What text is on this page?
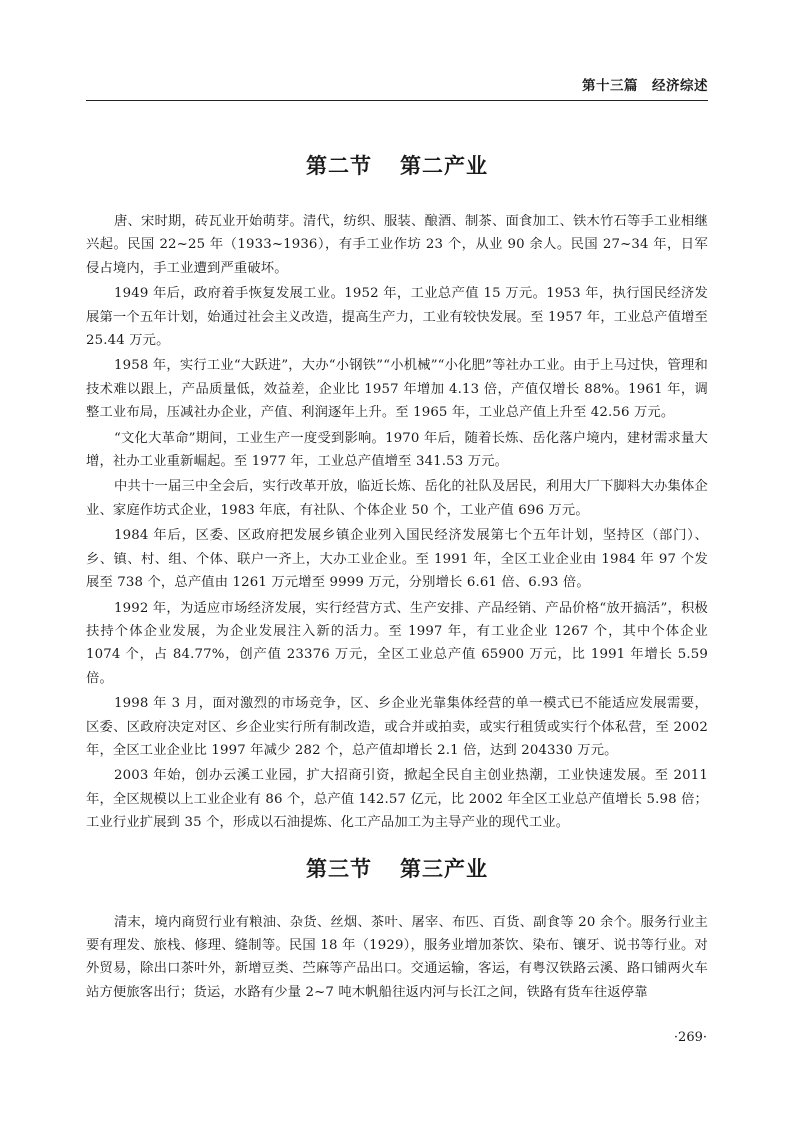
第十三篇　经济综述
第二节 第二产业

唐、宋时期，砖瓦业开始萌芽。清代，纺织、服装、酿酒、制茶、面食加工、铁木竹石等手工业相继兴起。民国 22~25 年（1933~1936），有手工业作坊 23 个，从业 90 余人。民国 27~34 年，日军侵占境内，手工业遭到严重破坏。

1949 年后，政府着手恢复发展工业。1952 年，工业总产值 15 万元。1953 年，执行国民经济发展第一个五年计划，始通过社会主义改造，提高生产力，工业有较快发展。至 1957 年，工业总产值增至 25.44 万元。

1958 年，实行工业“大跃进”，大办“小钢铁”“小机械”“小化肥”等社办工业。由于上马过快，管理和技术难以跟上，产品质量低，效益差，企业比 1957 年增加 4.13 倍，产值仅增长 88%。1961 年，调整工业布局，压减社办企业，产值、利润逐年上升。至 1965 年，工业总产值上升至 42.56 万元。

“文化大革命”期间，工业生产一度受到影响。1970 年后，随着长炼、岳化落户境内，建材需求量大增，社办工业重新崛起。至 1977 年，工业总产值增至 341.53 万元。

中共十一届三中全会后，实行改革开放，临近长炼、岳化的社队及居民，利用大厂下脚料大办集体企业、家庭作坊式企业，1983 年底，有社队、个体企业 50 个，工业产值 696 万元。

1984 年后，区委、区政府把发展乡镇企业列入国民经济发展第七个五年计划，坚持区（部门）、乡、镇、村、组、个体、联户一齐上，大办工业企业。至 1991 年，全区工业企业由 1984 年 97 个发展至 738 个，总产值由 1261 万元增至 9999 万元，分别增长 6.61 倍、6.93 倍。

1992 年，为适应市场经济发展，实行经营方式、生产安排、产品经销、产品价格“放开搞活”，积极扶持个体企业发展，为企业发展注入新的活力。至 1997 年，有工业企业 1267 个，其中个体企业 1074 个，占 84.77%，创产值 23376 万元，全区工业总产值 65900 万元，比 1991 年增长 5.59 倍。

1998 年 3 月，面对激烈的市场竞争，区、乡企业光靠集体经营的单一模式已不能适应发展需要，区委、区政府决定对区、乡企业实行所有制改造，或合并或拍卖，或实行租赁或实行个体私营，至 2002 年，全区工业企业比 1997 年减少 282 个，总产值却增长 2.1 倍，达到 204330 万元。

2003 年始，创办云溪工业园，扩大招商引资，掀起全民自主创业热潮，工业快速发展。至 2011 年，全区规模以上工业企业有 86 个，总产值 142.57 亿元，比 2002 年全区工业总产值增长 5.98 倍；工业行业扩展到 35 个，形成以石油提炼、化工产品加工为主导产业的现代工业。

第三节 第三产业

清末，境内商贸行业有粮油、杂货、丝烟、茶叶、屠宰、布匹、百货、副食等 20 余个。服务行业主要有理发、旅栈、修理、缝制等。民国 18 年（1929），服务业增加茶饮、染布、镶牙、说书等行业。对外贸易，除出口茶叶外，新增豆类、苎麻等产品出口。交通运输，客运，有粤汉铁路云溪、路口铺两火车站方便旅客出行；货运，水路有少量 2~7 吨木帆船往返内河与长江之间，铁路有货车往返停靠

·269·
